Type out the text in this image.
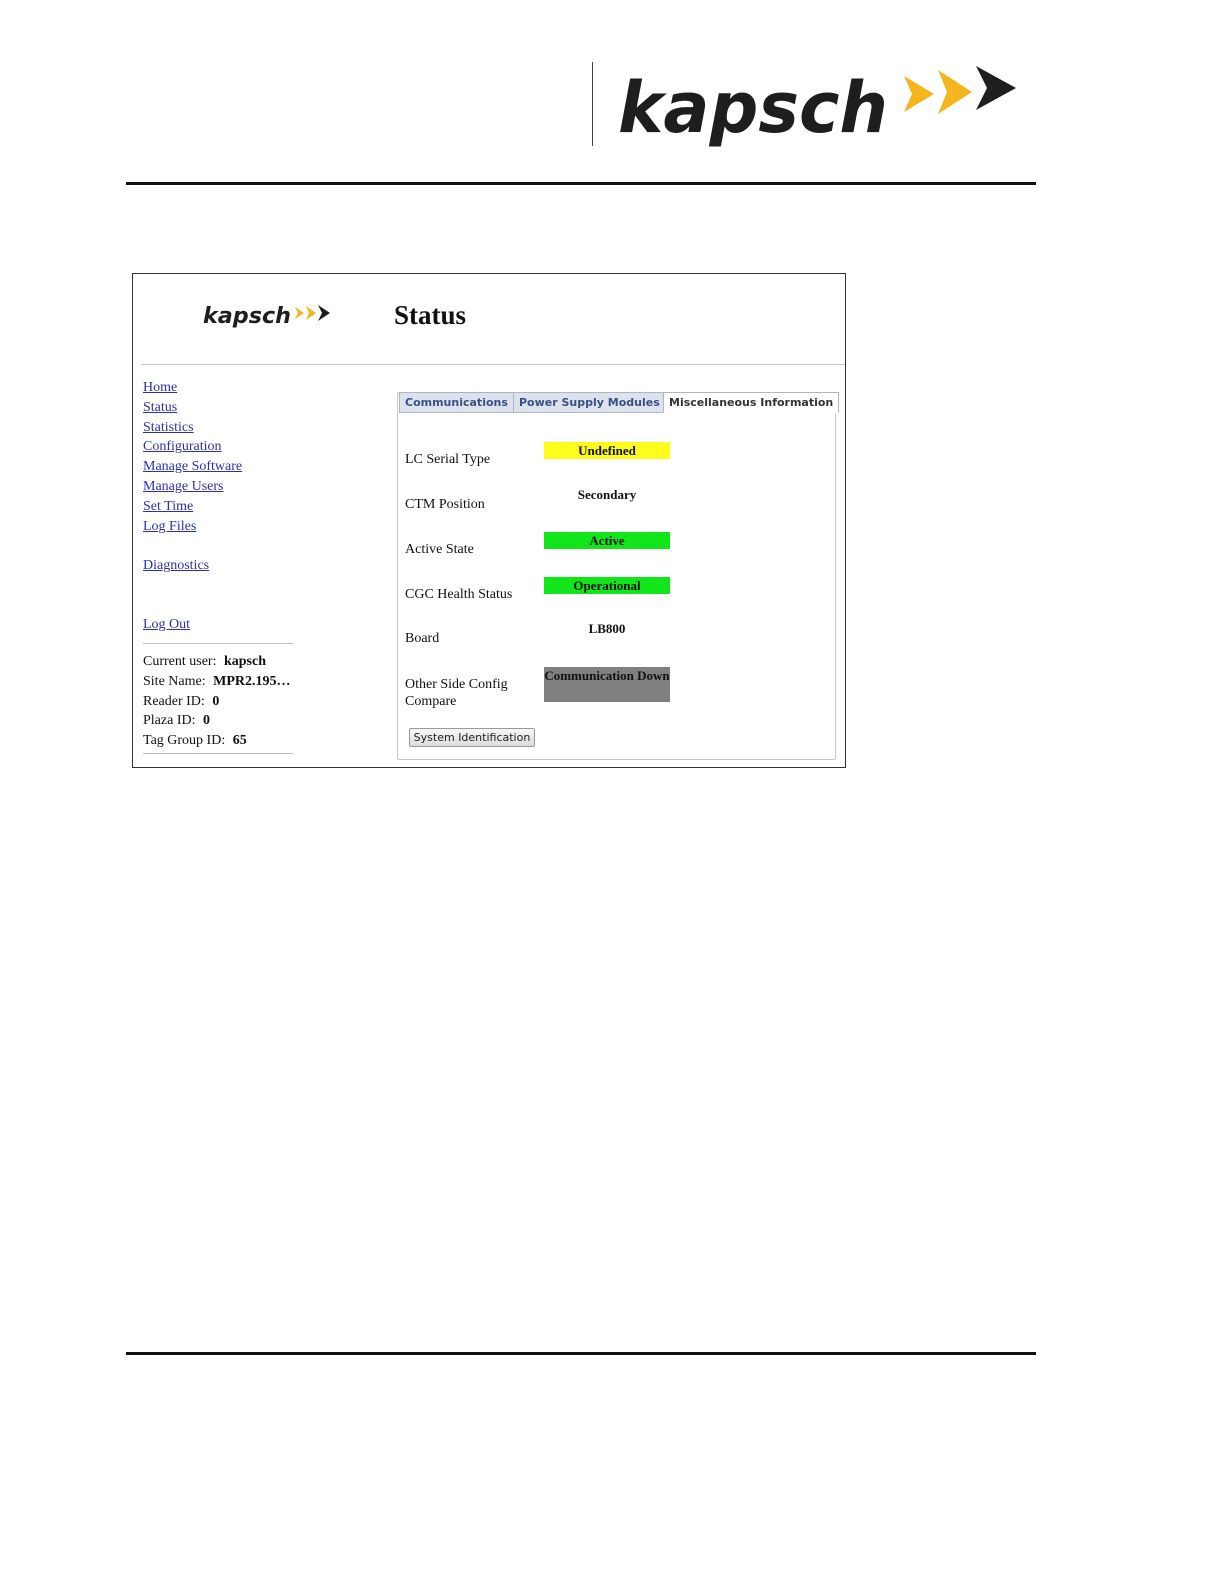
kapsch
kapsch	Status
Home
Status
Statistics
Configuration
Manage Software
Manage Users
Set Time
Log Files
Diagnostics
Log Out
Current user: kapsch
Site Name: MPR2.195…
Reader ID: 0
Plaza ID: 0
Tag Group ID: 65
Communications	Power Supply Modules Miscellaneous Information
LC Serial Type
Undefined
CTM Position
Secondary
Active State
Active
CGC Health Status
Operational
Board
LB800
Other Side Config Compare
Communication Down
System Identification
